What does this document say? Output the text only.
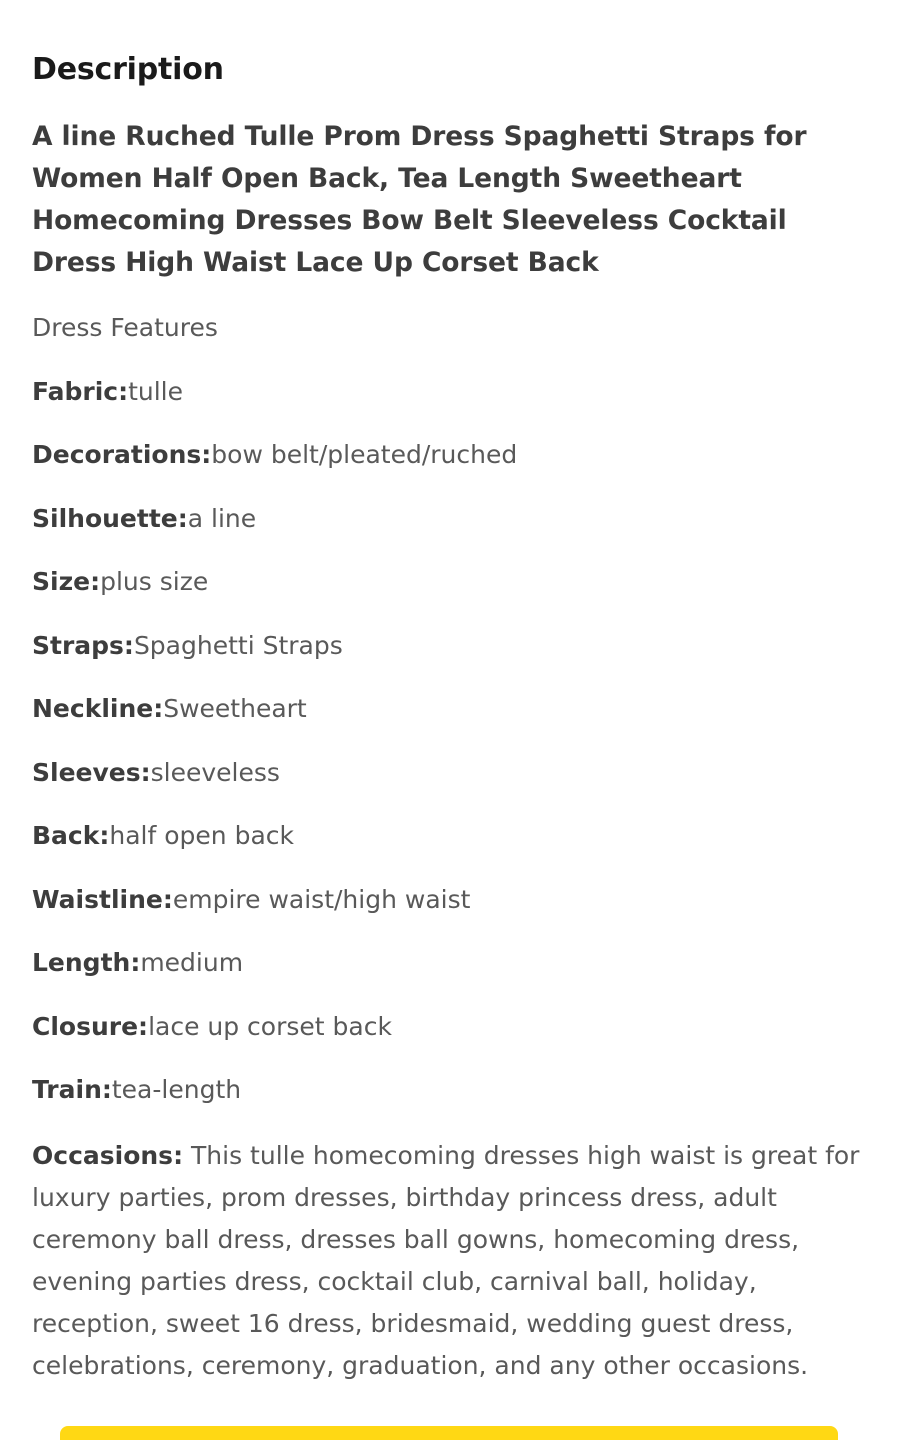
Description

A line Ruched Tulle Prom Dress Spaghetti Straps for Women Half Open Back, Tea Length Sweetheart Homecoming Dresses Bow Belt Sleeveless Cocktail Dress High Waist Lace Up Corset Back

Dress Features

Fabric:tulle

Decorations:bow belt/pleated/ruched

Silhouette:a line

Size:plus size

Straps:Spaghetti Straps

Neckline:Sweetheart

Sleeves:sleeveless

Back:half open back

Waistline:empire waist/high waist

Length:medium

Closure:lace up corset back

Train:tea-length

Occasions: This tulle homecoming dresses high waist is great for luxury parties, prom dresses, birthday princess dress, adult ceremony ball dress, dresses ball gowns, homecoming dress, evening parties dress, cocktail club, carnival ball, holiday, reception, sweet 16 dress, bridesmaid, wedding guest dress, celebrations, ceremony, graduation, and any other occasions.
